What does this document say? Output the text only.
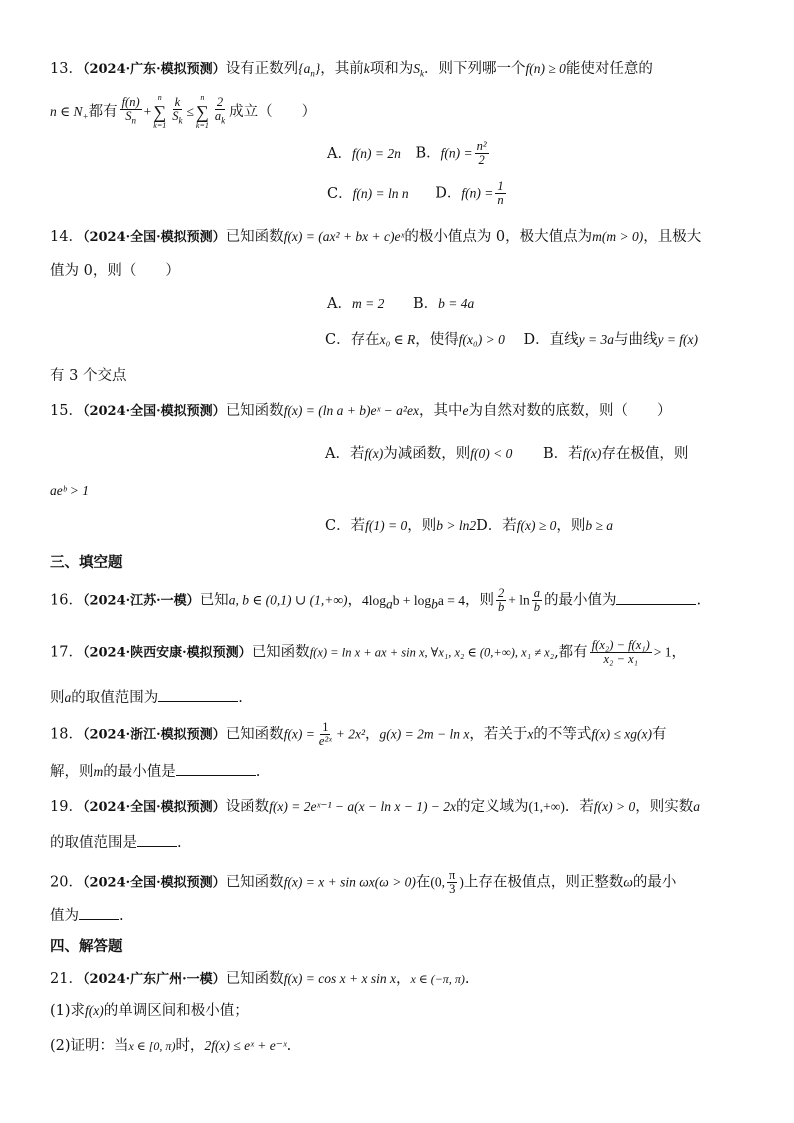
13．（2024·广东·模拟预测）设有正数列$\{a_n\}$，其前k项和为$S_k$．则下列哪一个f(n) ≥ 0能使对任意的
n ∈ $N_+$都有 $\frac{f(n)}{S_n}$ +
n
∑
$k=1 \frac{k}{S_k}$ ≤
n
∑
$k=1 \frac{2}{a_k}$ 成立（　　）
A．f(n) = 2n B．$f(n) = \frac{\text{n²}}{2}$
C．f(n) = ln n D．$f(n) = \frac{1}{n}$
14．（2024·全国·模拟预测）已知函数f(x) = (ax² + bx + c)eˣ的极小值点为 0，极大值点为m(m > 0)，且极大
值为 0，则（　　）
A．m = 2 B．b = 4a
C．存在x₀ ∈ R，使得f(x₀) > 0 D．直线y = 3a与曲线y = f(x)
有 3 个交点
15．（2024·全国·模拟预测）已知函数f(x) = (ln a + b)eˣ − a²ex，其中e为自然对数的底数，则（　　）
A．若f(x)为减函数，则f(0) < 0 B．若f(x)存在极值，则
aeᵇ > 1
C．若f(1) = 0，则b > ln2D．若f(x) ≥ 0，则b ≥ a
三、填空题
16．（2024·江苏·一模）已知a, b ∈ (0,1) ∪ (1,+∞)，$4\log_ab + \log_ba = 4$，则 $\frac{2}{b} + \ln \frac{a}{b}$ 的最小值为	.
17．（2024·陕西安康·模拟预测）已知函数f(x) = ln x + ax + sin x, ∀x₁, x₂ ∈ (0,+∞), x₁ ≠ x₂,都有 $\frac{\text{f(x₂) − f(x₁)}}{\text{x₂ − x₁}} > 1$，
则a的取值范围为	.
18．（2024·浙江·模拟预测）已知函数$f(x) = \frac{1}{\text{e²ˣ}} + 2x^2$，g(x) = 2m − ln x，若关于x的不等式f(x) ≤ xg(x)有
解，则m的最小值是	.
19．（2024·全国·模拟预测）设函数f(x) = 2eˣ⁻¹ − a(x − ln x − 1) − 2x的定义域为(1,+∞)．若f(x) > 0，则实数a
的取值范围是	.
20．（2024·全国·模拟预测）已知函数f(x) = x + sin ωx(ω > 0)在(0, $\frac{\pi}{3}$ )上存在极值点，则正整数ω的最小
值为	.
四、解答题
21．（2024·广东广州·一模）已知函数f(x) = cos x + x sin x，x ∈ (−π, π).
(1)求f(x)的单调区间和极小值；
(2)证明：当x ∈ [0, π)时，2f(x) ≤ eˣ + e⁻ˣ.
